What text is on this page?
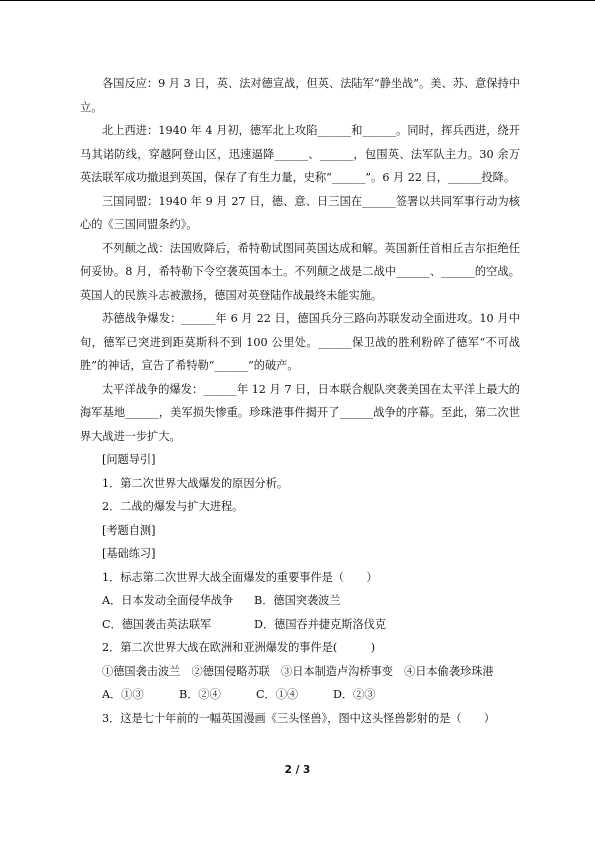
各国反应：9 月 3 日，英、法对德宣战，但英、法陆军“静坐战”。美、苏、意保持中立。

北上西进：1940 年 4 月初，德军北上攻陷______和______。同时，挥兵西进，绕开马其诺防线，穿越阿登山区，迅速逼降______、______，包围英、法军队主力。30 余万英法联军成功撤退到英国，保存了有生力量，史称“______”。6 月 22 日，______投降。

三国同盟：1940 年 9 月 27 日，德、意、日三国在______签署以共同军事行动为核心的《三国同盟条约》。

不列颠之战：法国败降后，希特勒试图同英国达成和解。英国新任首相丘吉尔拒绝任何妥协。8 月，希特勒下令空袭英国本土。不列颠之战是二战中______、______的空战。英国人的民族斗志被激扬，德国对英登陆作战最终未能实施。

苏德战争爆发：______年 6 月 22 日，德国兵分三路向苏联发动全面进攻。10 月中旬，德军已突进到距莫斯科不到 100 公里处。______保卫战的胜利粉碎了德军“不可战胜”的神话，宣告了希特勒“______”的破产。

太平洋战争的爆发：______年 12 月 7 日，日本联合舰队突袭美国在太平洋上最大的海军基地______，美军损失惨重。珍珠港事件揭开了______战争的序幕。至此，第二次世界大战进一步扩大。

[问题导引]

1．第二次世界大战爆发的原因分析。

2．二战的爆发与扩大进程。

[考题自测]

[基础练习]

1．标志第二次世界大战全面爆发的重要事件是（　　）

A．日本发动全面侵华战争	B．德国突袭波兰

C．德国袭击英法联军	D．德国吞并捷克斯洛伐克

2．第二次世界大战在欧洲和亚洲爆发的事件是(　　　)

①德国袭击波兰　②德国侵略苏联　③日本制造卢沟桥事变　④日本偷袭珍珠港

A．①③	B．②④	C．①④	D．②③

3．这是七十年前的一幅英国漫画《三头怪兽》，图中这头怪兽影射的是（　　）

2 / 3
